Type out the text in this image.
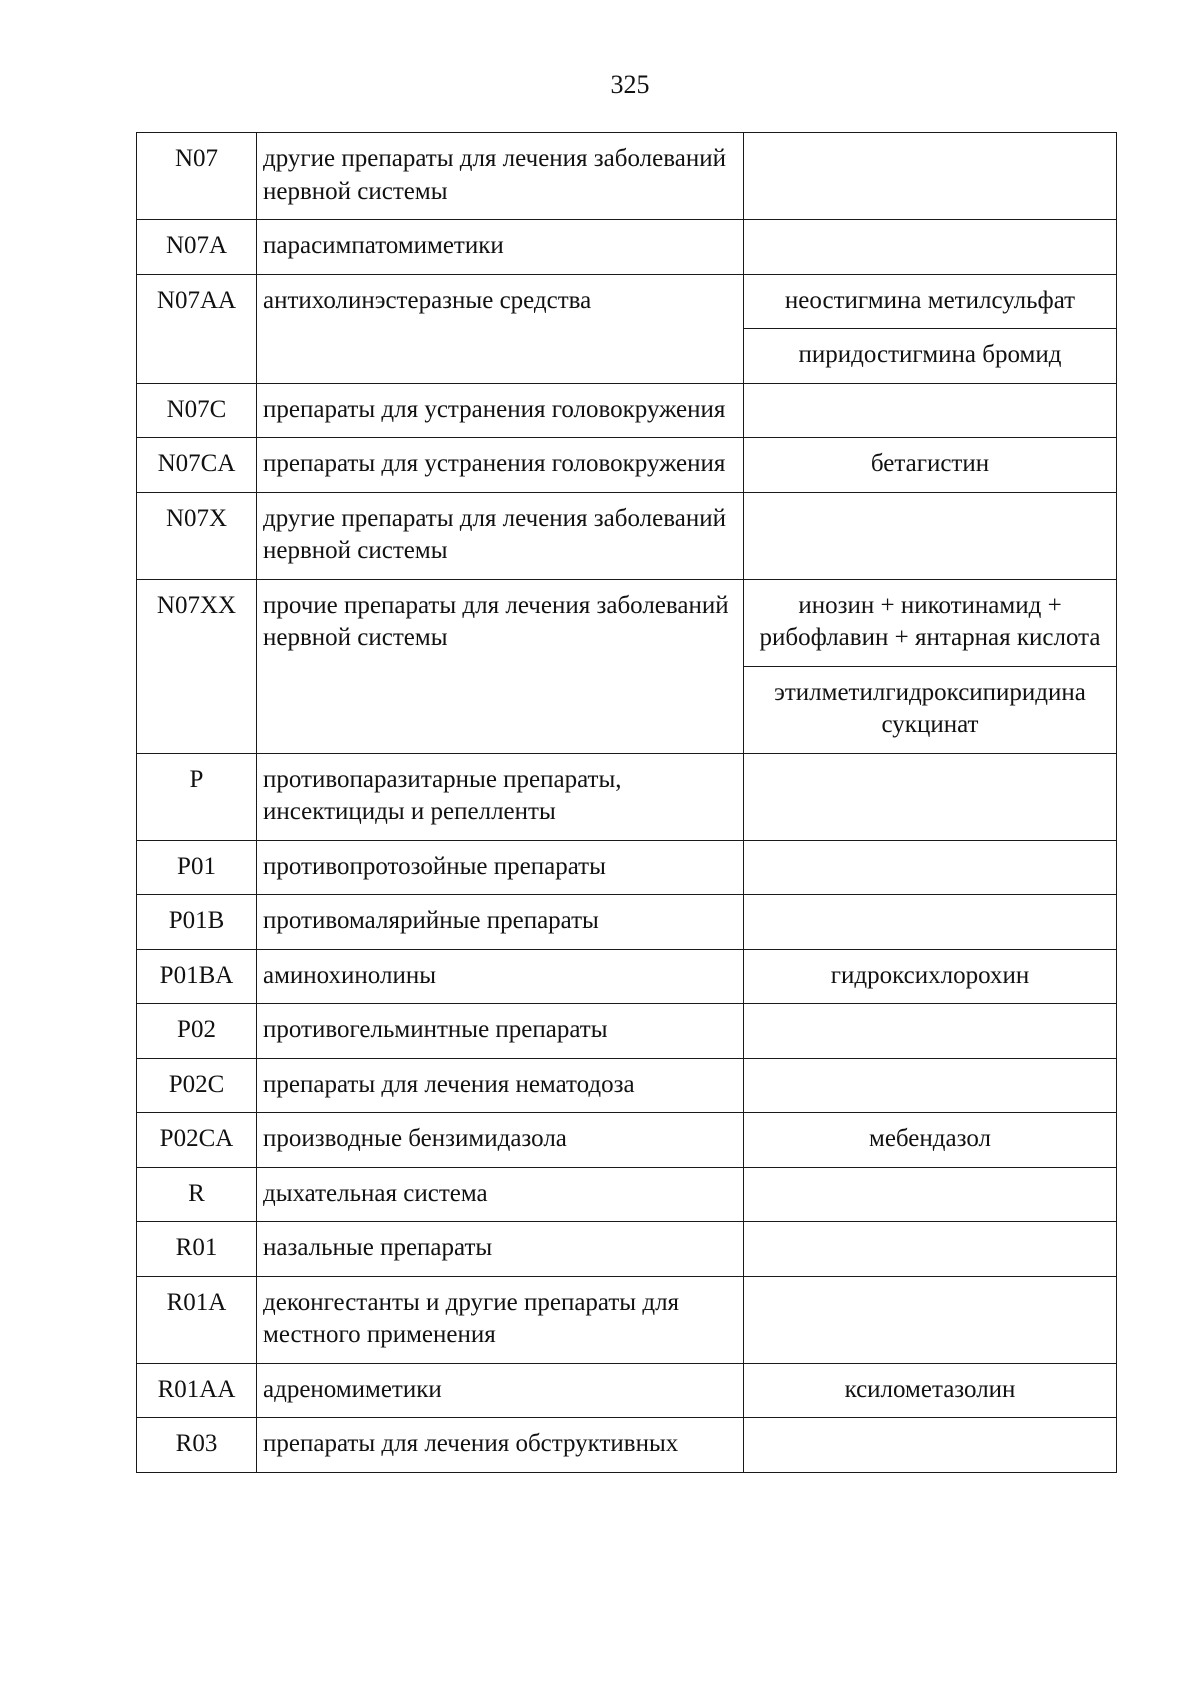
325
N07	другие препараты для лечения заболеваний нервной системы	
N07A	парасимпатомиметики	
N07AA	антихолинэстеразные средства	неостигмина метилсульфат
		пиридостигмина бромид
N07C	препараты для устранения головокружения	
N07CA	препараты для устранения головокружения	бетагистин
N07X	другие препараты для лечения заболеваний нервной системы	
N07XX	прочие препараты для лечения заболеваний нервной системы	инозин + никотинамид + рибофлавин + янтарная кислота
		этилметилгидроксипиридина сукцинат
P	противопаразитарные препараты, инсектициды и репелленты	
P01	противопротозойные препараты	
P01B	противомалярийные препараты	
P01BA	аминохинолины	гидроксихлорохин
P02	противогельминтные препараты	
P02C	препараты для лечения нематодоза	
P02CA	производные бензимидазола	мебендазол
R	дыхательная система	
R01	назальные препараты	
R01A	деконгестанты и другие препараты для местного применения	
R01AA	адреномиметики	ксилометазолин
R03	препараты для лечения обструктивных	
